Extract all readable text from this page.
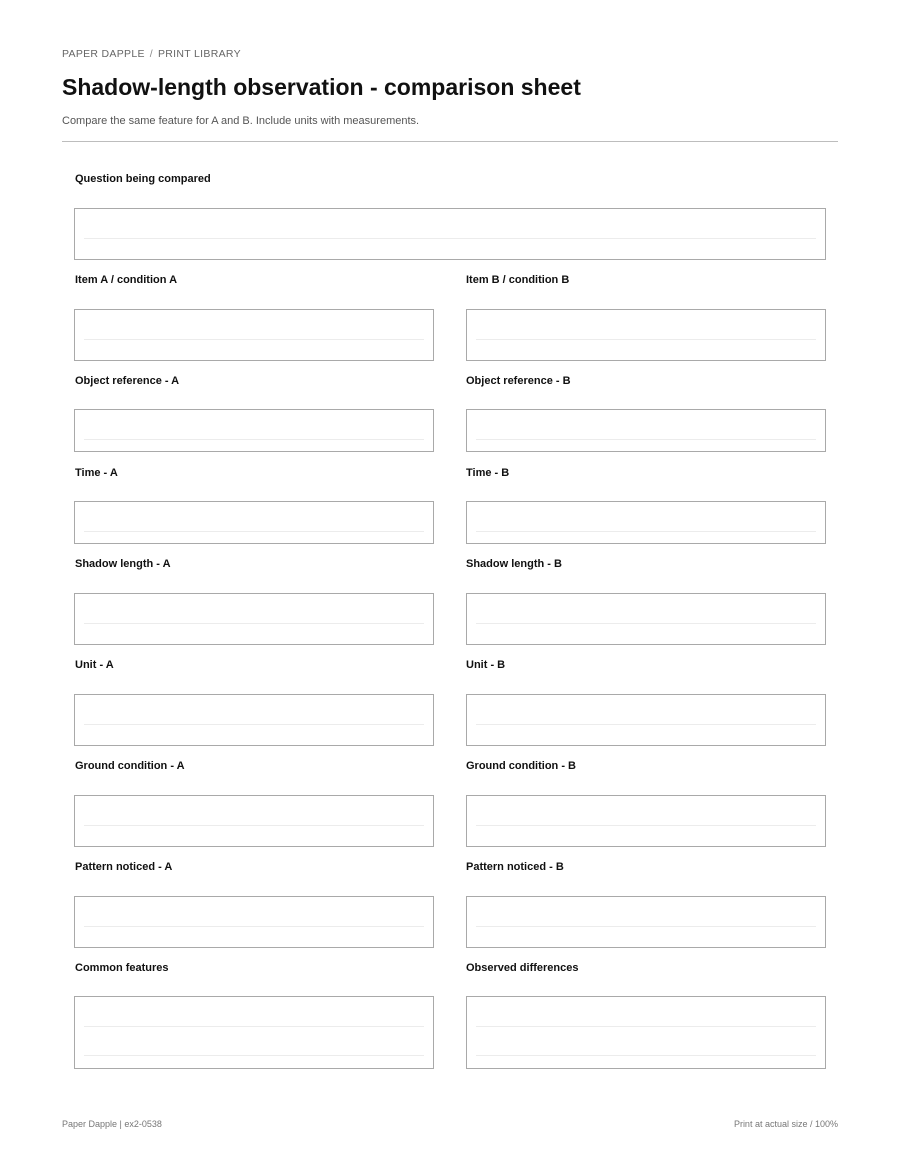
PAPER DAPPLE / PRINT LIBRARY
Shadow-length observation - comparison sheet
Compare the same feature for A and B. Include units with measurements.
Question being compared
Item A / condition A	Item B / condition B
Object reference - A	Object reference - B
Time - A	Time - B
Shadow length - A	Shadow length - B
Unit - A	Unit - B
Ground condition - A	Ground condition - B
Pattern noticed - A	Pattern noticed - B
Common features	Observed differences
Paper Dapple | ex2-0538	Print at actual size / 100%
